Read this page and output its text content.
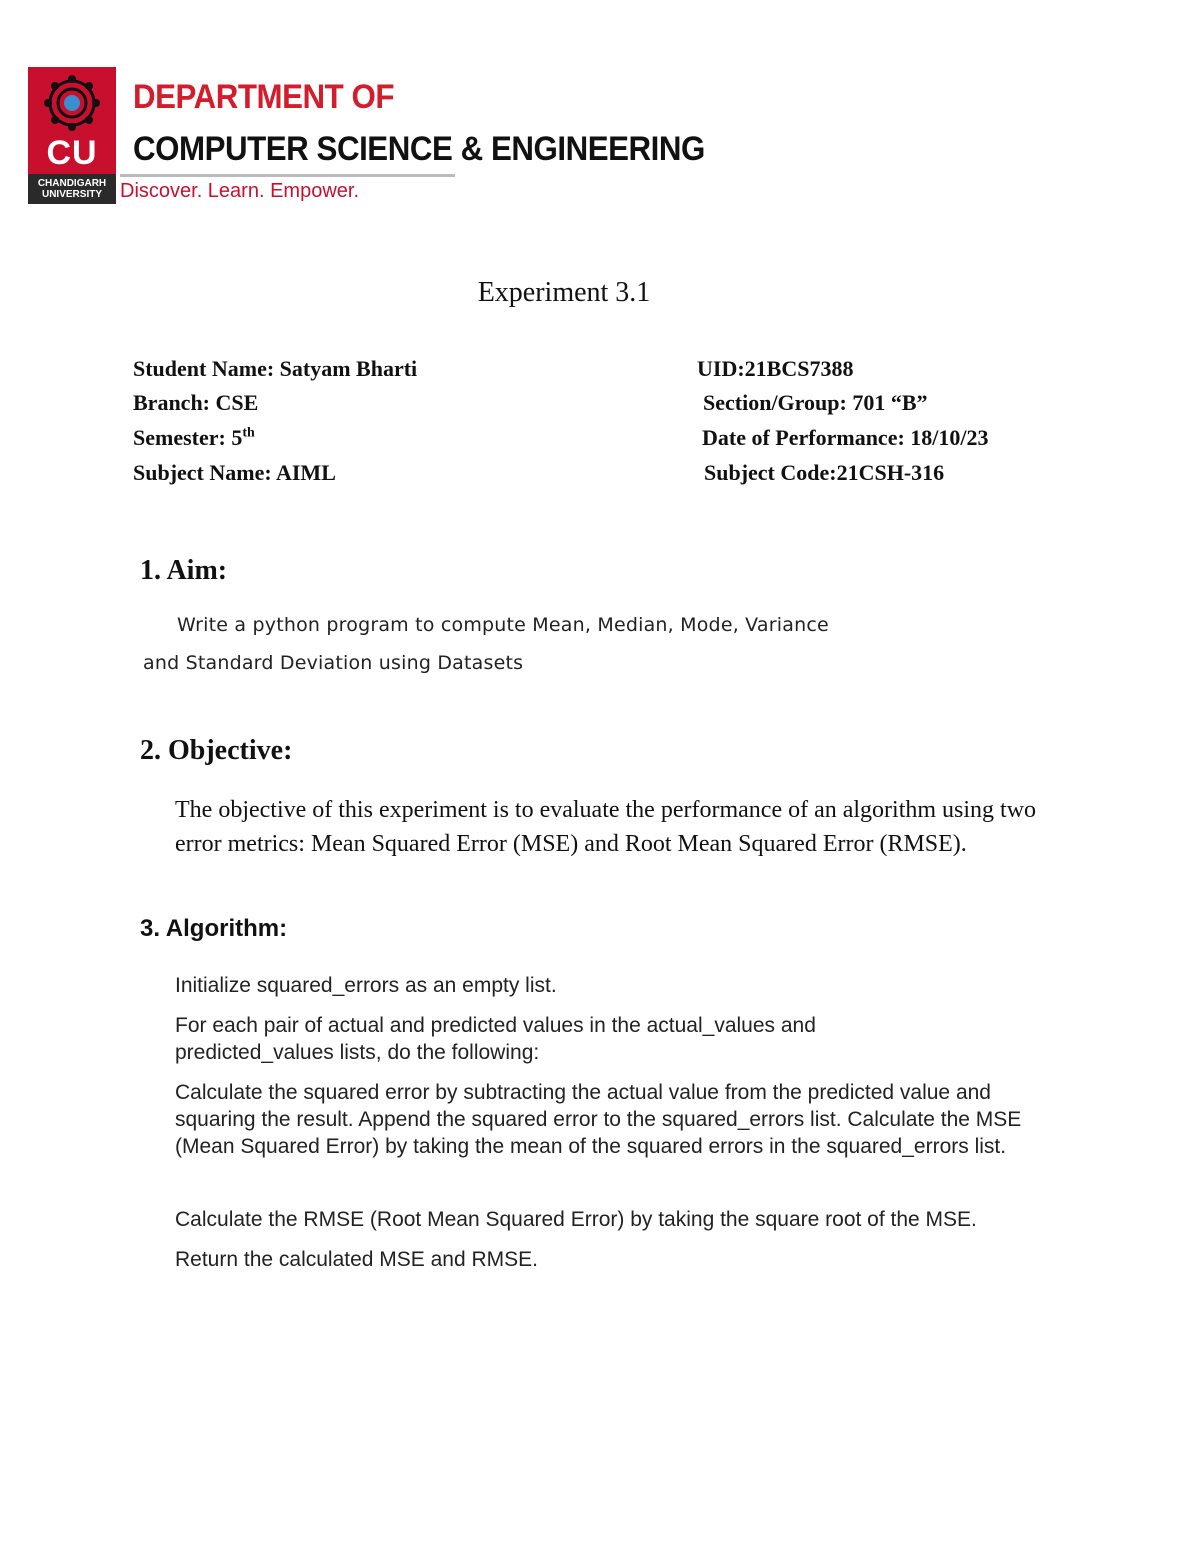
CU
CHANDIGARH
UNIVERSITY
DEPARTMENT OF
COMPUTER SCIENCE & ENGINEERING
Discover. Learn. Empower.
Experiment 3.1
Student Name: Satyam Bharti	UID:21BCS7388
Branch: CSE	Section/Group: 701 “B”
Semester: 5th	Date of Performance: 18/10/23
Subject Name: AIML	Subject Code:21CSH-316
1. Aim:
Write a python program to compute Mean, Median, Mode, Variance
and Standard Deviation using Datasets
2. Objective:
The objective of this experiment is to evaluate the performance of an algorithm using two error metrics: Mean Squared Error (MSE) and Root Mean Squared Error (RMSE).
3. Algorithm:
Initialize squared_errors as an empty list.
For each pair of actual and predicted values in the actual_values and predicted_values lists, do the following:
Calculate the squared error by subtracting the actual value from the predicted value and squaring the result. Append the squared error to the squared_errors list. Calculate the MSE (Mean Squared Error) by taking the mean of the squared errors in the squared_errors list.
Calculate the RMSE (Root Mean Squared Error) by taking the square root of the MSE.
Return the calculated MSE and RMSE.
